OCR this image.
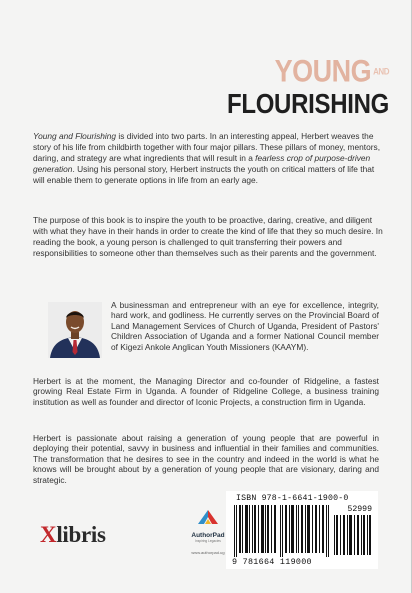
YOUNG AND
FLOURISHING

Young and Flourishing is divided into two parts. In an interesting appeal, Herbert weaves the story of his life from childbirth together with four major pillars. These pillars of money, mentors, daring, and strategy are what ingredients that will result in a fearless crop of purpose-driven generation. Using his personal story, Herbert instructs the youth on critical matters of life that will enable them to generate options in life from an early age.

The purpose of this book is to inspire the youth to be proactive, daring, creative, and diligent with what they have in their hands in order to create the kind of life that they so much desire. In reading the book, a young person is challenged to quit transferring their powers and responsibilities to someone other than themselves such as their parents and the government.

A businessman and entrepreneur with an eye for excellence, integrity, hard work, and godliness. He currently serves on the Provincial Board of Land Management Services of Church of Uganda, President of Pastors' Children Association of Uganda and a former National Council member of Kigezi Ankole Anglican Youth Missioners (KAAYM).

Herbert is at the moment, the Managing Director and co-founder of Ridgeline, a fastest growing Real Estate Firm in Uganda. A founder of Ridgeline College, a business training institution as well as founder and director of Iconic Projects, a construction firm in Uganda.

Herbert is passionate about raising a generation of young people that are powerful in deploying their potential, savvy in business and influential in their families and communities. The transformation that he desires to see in the country and indeed in the world is what he knows will be brought about by a generation of young people that are visionary, daring and strategic.

ISBN 978-1-6641-1900-0
52999
9 781664 119000
Xlibris	AuthorPad
Inspiring Legacies
www.authorpad.ug
